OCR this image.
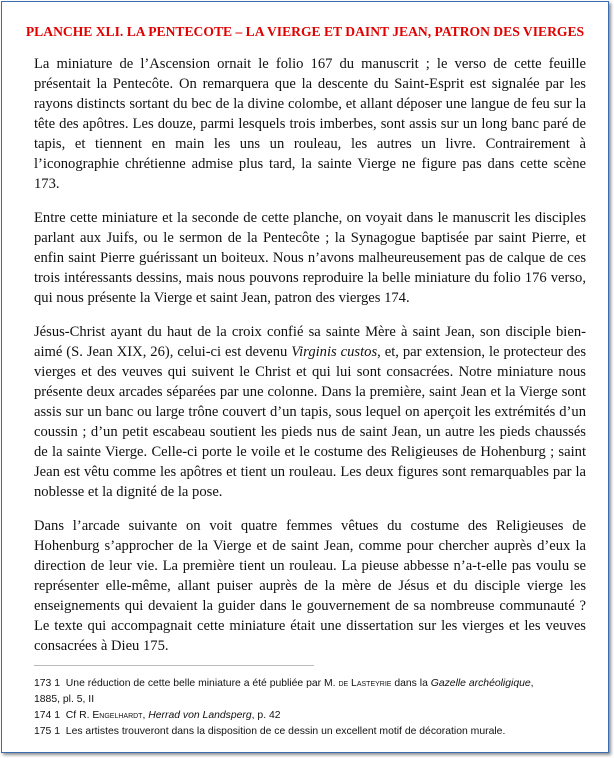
PLANCHE XLI. LA PENTECOTE – LA VIERGE ET DAINT JEAN, PATRON DES VIERGES

La miniature de l’Ascension ornait le folio 167 du manuscrit ; le verso de cette feuille présentait la Pentecôte. On remarquera que la descente du Saint-Esprit est signalée par les rayons distincts sortant du bec de la divine colombe, et allant déposer une langue de feu sur la tête des apôtres. Les douze, parmi lesquels trois imberbes, sont assis sur un long banc paré de tapis, et tiennent en main les uns un rouleau, les autres un livre. Contrairement à l’iconographie chrétienne admise plus tard, la sainte Vierge ne figure pas dans cette scène 173.

Entre cette miniature et la seconde de cette planche, on voyait dans le manuscrit les disciples parlant aux Juifs, ou le sermon de la Pentecôte ; la Synagogue baptisée par saint Pierre, et enfin saint Pierre guérissant un boiteux. Nous n’avons malheureusement pas de calque de ces trois intéressants dessins, mais nous pouvons reproduire la belle miniature du folio 176 verso, qui nous présente la Vierge et saint Jean, patron des vierges 174.

Jésus-Christ ayant du haut de la croix confié sa sainte Mère à saint Jean, son disciple bien-aimé (S. Jean XIX, 26), celui-ci est devenu Virginis custos, et, par extension, le protecteur des vierges et des veuves qui suivent le Christ et qui lui sont consacrées. Notre miniature nous présente deux arcades séparées par une colonne. Dans la première, saint Jean et la Vierge sont assis sur un banc ou large trône couvert d’un tapis, sous lequel on aperçoit les extrémités d’un coussin ; d’un petit escabeau soutient les pieds nus de saint Jean, un autre les pieds chaussés de la sainte Vierge. Celle-ci porte le voile et le costume des Religieuses de Hohenburg ; saint Jean est vêtu comme les apôtres et tient un rouleau. Les deux figures sont remarquables par la noblesse et la dignité de la pose.

Dans l’arcade suivante on voit quatre femmes vêtues du costume des Religieuses de Hohenburg s’approcher de la Vierge et de saint Jean, comme pour chercher auprès d’eux la direction de leur vie. La première tient un rouleau. La pieuse abbesse n’a-t-elle pas voulu se représenter elle-même, allant puiser auprès de la mère de Jésus et du disciple vierge les enseignements qui devaient la guider dans le gouvernement de sa nombreuse communauté ? Le texte qui accompagnait cette miniature était une dissertation sur les vierges et les veuves consacrées à Dieu 175.

173 1 Une réduction de cette belle miniature a été publiée par M. de Lasteyrie dans la Gazelle archéoligique,
1885, pl. 5, II
174 1 Cf R. Engelhardt, Herrad von Landsperg, p. 42
175 1 Les artistes trouveront dans la disposition de ce dessin un excellent motif de décoration murale.
